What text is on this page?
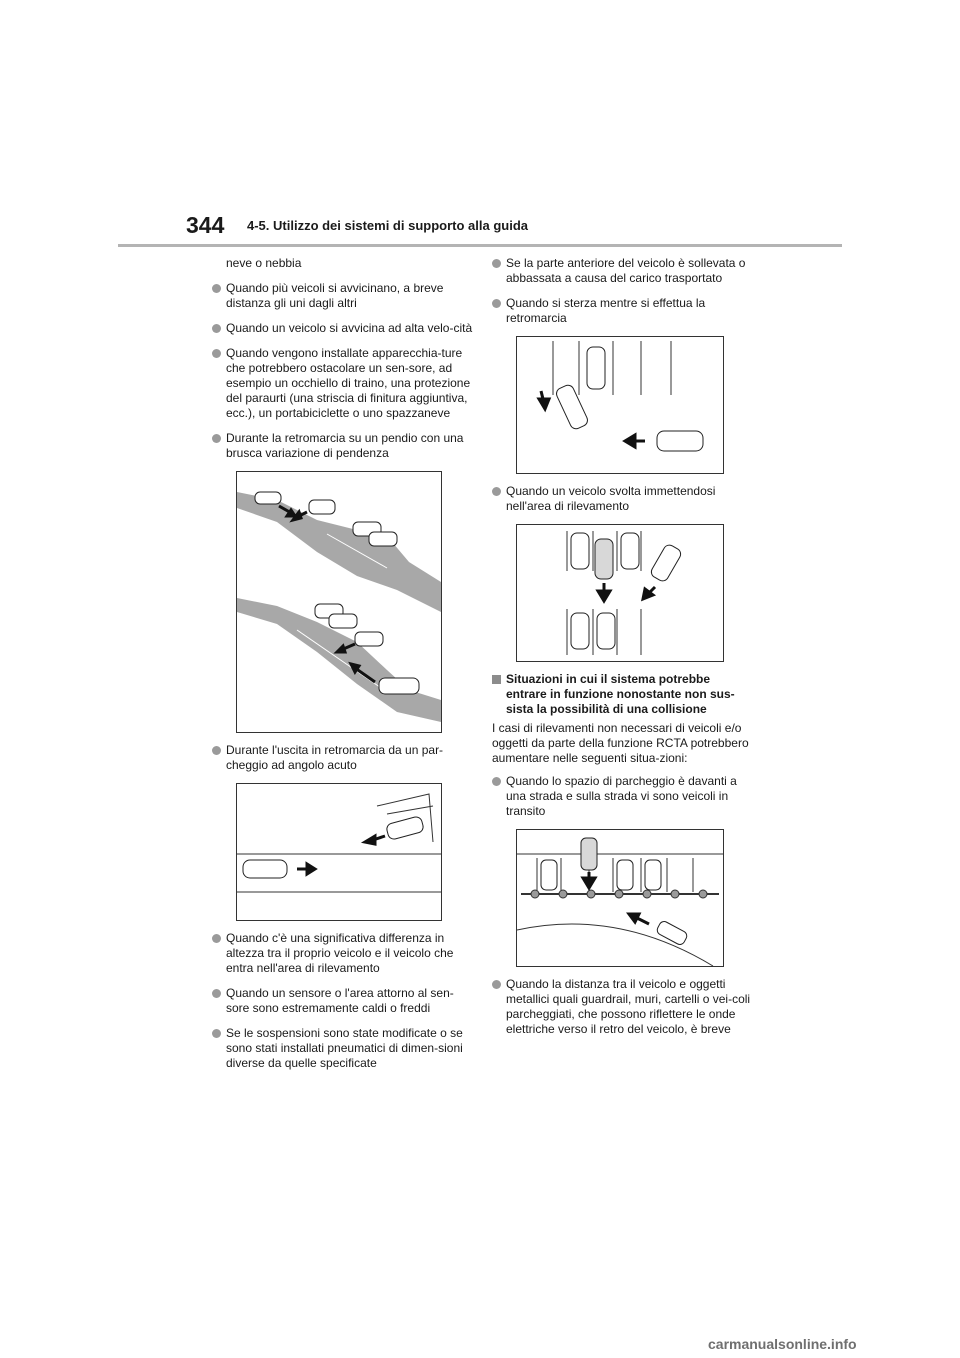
344 4-5. Utilizzo dei sistemi di supporto alla guida
neve o nebbia
Quando più veicoli si avvicinano, a breve distanza gli uni dagli altri
Quando un veicolo si avvicina ad alta velo-cità
Quando vengono installate apparecchia-ture che potrebbero ostacolare un sen-sore, ad esempio un occhiello di traino, una protezione del paraurti (una striscia di finitura aggiuntiva, ecc.), un portabiciclette o uno spazzaneve
Durante la retromarcia su un pendio con una brusca variazione di pendenza
Durante l'uscita in retromarcia da un par-cheggio ad angolo acuto
Quando c'è una significativa differenza in altezza tra il proprio veicolo e il veicolo che entra nell'area di rilevamento
Quando un sensore o l'area attorno al sen-sore sono estremamente caldi o freddi
Se le sospensioni sono state modificate o se sono stati installati pneumatici di dimen-sioni diverse da quelle specificate
Se la parte anteriore del veicolo è sollevata o abbassata a causa del carico trasportato
Quando si sterza mentre si effettua la retromarcia
Quando un veicolo svolta immettendosi nell'area di rilevamento
Situazioni in cui il sistema potrebbe entrare in funzione nonostante non sus-sista la possibilità di una collisione
I casi di rilevamenti non necessari di veicoli e/o oggetti da parte della funzione RCTA potrebbero aumentare nelle seguenti situa-zioni:
Quando lo spazio di parcheggio è davanti a una strada e sulla strada vi sono veicoli in transito
Quando la distanza tra il veicolo e oggetti metallici quali guardrail, muri, cartelli o vei-coli parcheggiati, che possono riflettere le onde elettriche verso il retro del veicolo, è breve
carmanualsonline.info
